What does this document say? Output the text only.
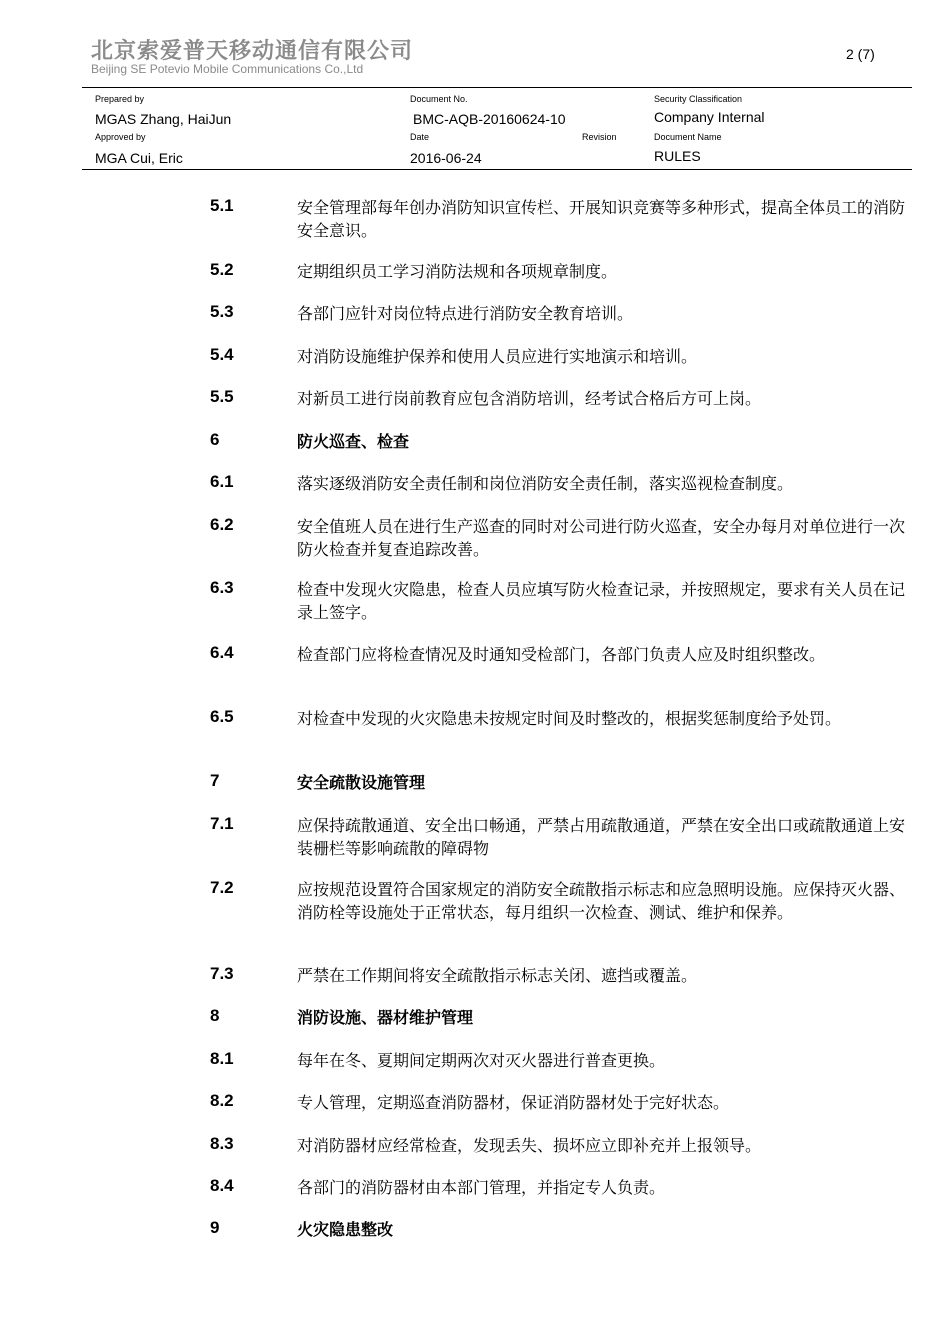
北京索爱普天移动通信有限公司
Beijing SE Potevio Mobile Communications Co.,Ltd
2 (7)
Prepared by
MGAS Zhang, HaiJun
Approved by
MGA Cui, Eric
Document No.
BMC-AQB-20160624-10
Date
2016-06-24
Revision
Security Classification
Company Internal
Document Name
RULES
5.1	安全管理部每年创办消防知识宣传栏、开展知识竞赛等多种形式，提高全体员工的消防安全意识。
5.2	定期组织员工学习消防法规和各项规章制度。
5.3	各部门应针对岗位特点进行消防安全教育培训。
5.4	对消防设施维护保养和使用人员应进行实地演示和培训。
5.5	对新员工进行岗前教育应包含消防培训，经考试合格后方可上岗。
6	防火巡查、检查
6.1	落实逐级消防安全责任制和岗位消防安全责任制，落实巡视检查制度。
6.2	安全值班人员在进行生产巡查的同时对公司进行防火巡查，安全办每月对单位进行一次防火检查并复查追踪改善。
6.3	检查中发现火灾隐患，检查人员应填写防火检查记录，并按照规定，要求有关人员在记录上签字。
6.4	检查部门应将检查情况及时通知受检部门，各部门负责人应及时组织整改。
6.5	对检查中发现的火灾隐患未按规定时间及时整改的，根据奖惩制度给予处罚。
7	安全疏散设施管理
7.1	应保持疏散通道、安全出口畅通，严禁占用疏散通道，严禁在安全出口或疏散通道上安装栅栏等影响疏散的障碍物
7.2	应按规范设置符合国家规定的消防安全疏散指示标志和应急照明设施。应保持灭火器、消防栓等设施处于正常状态，每月组织一次检查、测试、维护和保养。
7.3	严禁在工作期间将安全疏散指示标志关闭、遮挡或覆盖。
8	消防设施、器材维护管理
8.1	每年在冬、夏期间定期两次对灭火器进行普查更换。
8.2	专人管理，定期巡查消防器材，保证消防器材处于完好状态。
8.3	对消防器材应经常检查，发现丢失、损坏应立即补充并上报领导。
8.4	各部门的消防器材由本部门管理，并指定专人负责。
9	火灾隐患整改
